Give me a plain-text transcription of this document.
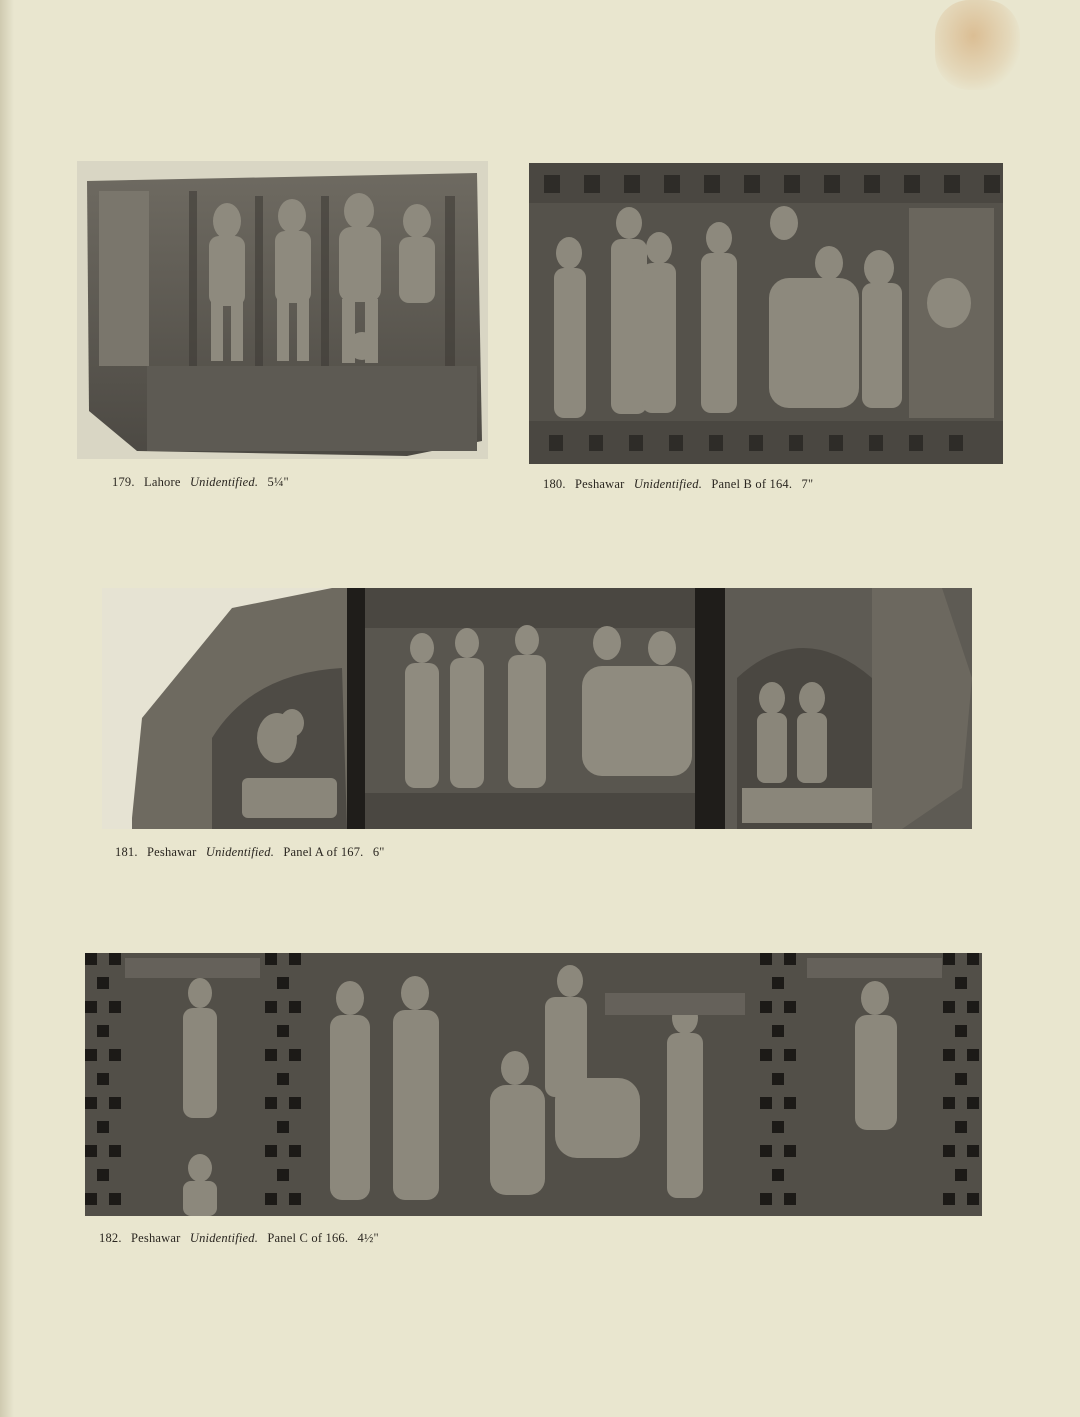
179. Lahore Unidentified. 5¼"	180. Peshawar Unidentified. Panel B of 164. 7"
181. Peshawar Unidentified. Panel A of 167. 6"
182. Peshawar Unidentified. Panel C of 166. 4½"
